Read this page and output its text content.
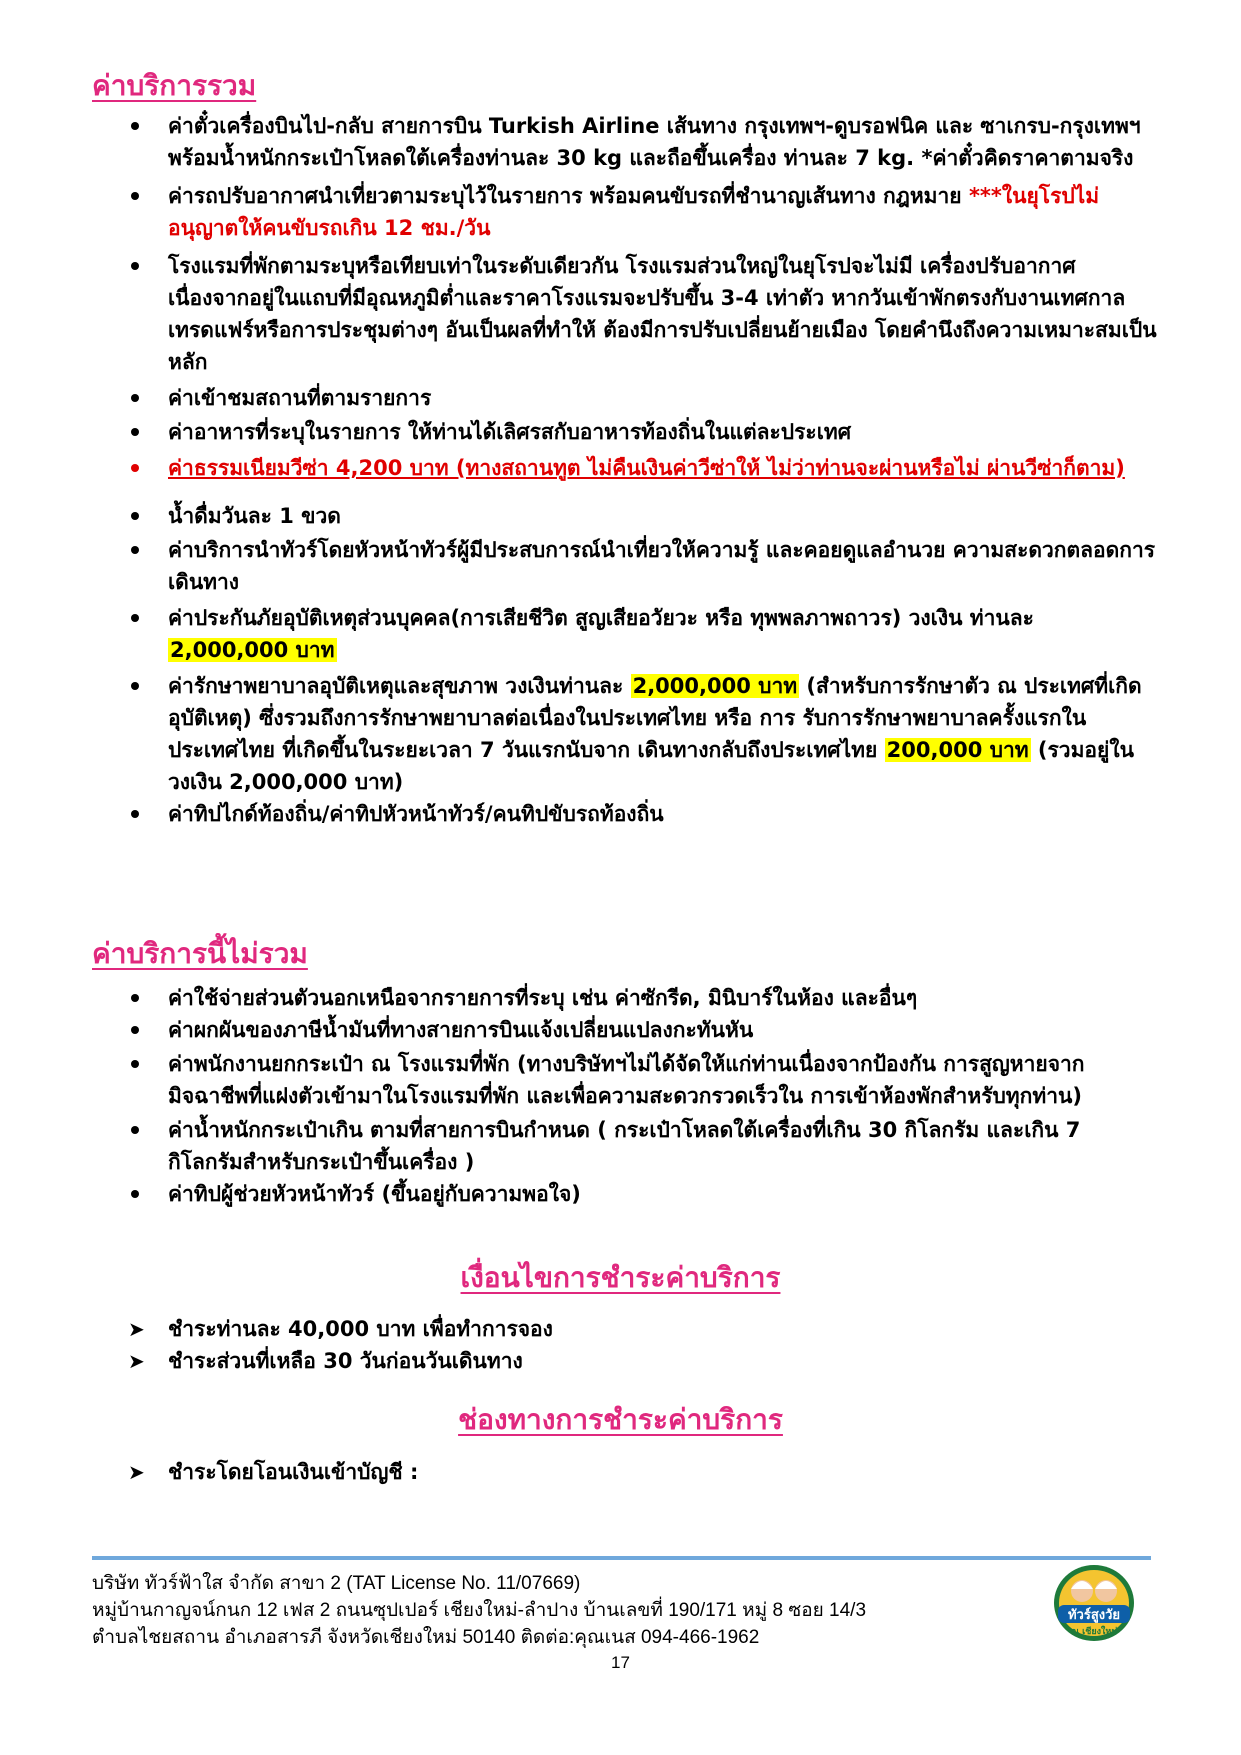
ค่าบริการรวม
ค่าตั๋วเครื่องบินไป-กลับ สายการบิน Turkish Airline เส้นทาง กรุงเทพฯ-ดูบรอฟนิค และ ซาเกรบ-กรุงเทพฯ พร้อมน้ำหนักกระเป๋าโหลดใต้เครื่องท่านละ 30 kg และถือขึ้นเครื่อง ท่านละ 7 kg. *ค่าตั๋วคิดราคาตามจริง
ค่ารถปรับอากาศนำเที่ยวตามระบุไว้ในรายการ พร้อมคนขับรถที่ชำนาญเส้นทาง กฎหมาย ***ในยุโรปไม่อนุญาตให้คนขับรถเกิน 12 ชม./วัน
โรงแรมที่พักตามระบุหรือเทียบเท่าในระดับเดียวกัน โรงแรมส่วนใหญ่ในยุโรปจะไม่มี เครื่องปรับอากาศ เนื่องจากอยู่ในแถบที่มีอุณหภูมิต่ำและราคาโรงแรมจะปรับขึ้น 3-4 เท่าตัว หากวันเข้าพักตรงกับงานเทศกาลเทรดแฟร์หรือการประชุมต่างๆ อันเป็นผลที่ทำให้ ต้องมีการปรับเปลี่ยนย้ายเมือง โดยคำนึงถึงความเหมาะสมเป็นหลัก
ค่าเข้าชมสถานที่ตามรายการ
ค่าอาหารที่ระบุในรายการ ให้ท่านได้เลิศรสกับอาหารท้องถิ่นในแต่ละประเทศ
ค่าธรรมเนียมวีซ่า 4,200 บาท (ทางสถานทูต ไม่คืนเงินค่าวีซ่าให้ ไม่ว่าท่านจะผ่านหรือไม่ ผ่านวีซ่าก็ตาม)
น้ำดื่มวันละ 1 ขวด
ค่าบริการนำทัวร์โดยหัวหน้าทัวร์ผู้มีประสบการณ์นำเที่ยวให้ความรู้ และคอยดูแลอำนวย ความสะดวกตลอดการเดินทาง
ค่าประกันภัยอุบัติเหตุส่วนบุคคล(การเสียชีวิต สูญเสียอวัยวะ หรือ ทุพพลภาพถาวร) วงเงิน ท่านละ 2,000,000 บาท
ค่ารักษาพยาบาลอุบัติเหตุและสุขภาพ วงเงินท่านละ 2,000,000 บาท (สำหรับการรักษาตัว ณ ประเทศที่เกิดอุบัติเหตุ) ซึ่งรวมถึงการรักษาพยาบาลต่อเนื่องในประเทศไทย หรือ การ รับการรักษาพยาบาลครั้งแรกในประเทศไทย ที่เกิดขึ้นในระยะเวลา 7 วันแรกนับจาก เดินทางกลับถึงประเทศไทย 200,000 บาท (รวมอยู่ในวงเงิน 2,000,000 บาท)
ค่าทิปไกด์ท้องถิ่น/ค่าทิปหัวหน้าทัวร์/คนทิปขับรถท้องถิ่น
ค่าบริการนี้ไม่รวม
ค่าใช้จ่ายส่วนตัวนอกเหนือจากรายการที่ระบุ เช่น ค่าซักรีด, มินิบาร์ในห้อง และอื่นๆ
ค่าผกผันของภาษีน้ำมันที่ทางสายการบินแจ้งเปลี่ยนแปลงกะทันหัน
ค่าพนักงานยกกระเป๋า ณ โรงแรมที่พัก (ทางบริษัทฯไม่ได้จัดให้แก่ท่านเนื่องจากป้องกัน การสูญหายจากมิจฉาชีพที่แฝงตัวเข้ามาในโรงแรมที่พัก และเพื่อความสะดวกรวดเร็วใน การเข้าห้องพักสำหรับทุกท่าน)
ค่าน้ำหนักกระเป๋าเกิน ตามที่สายการบินกำหนด ( กระเป๋าโหลดใต้เครื่องที่เกิน 30 กิโลกรัม และเกิน 7 กิโลกรัมสำหรับกระเป๋าขึ้นเครื่อง )
ค่าทิปผู้ช่วยหัวหน้าทัวร์ (ขึ้นอยู่กับความพอใจ)
เงื่อนไขการชำระค่าบริการ
➤ ชำระท่านละ 40,000 บาท เพื่อทำการจอง
➤ ชำระส่วนที่เหลือ 30 วันก่อนวันเดินทาง
ช่องทางการชำระค่าบริการ
➤ ชำระโดยโอนเงินเข้าบัญชี :
บริษัท ทัวร์ฟ้าใส จำกัด สาขา 2 (TAT License No. 11/07669)
หมู่บ้านกาญจน์กนก 12 เฟส 2 ถนนซุปเปอร์ เชียงใหม่-ลำปาง บ้านเลขที่ 190/171 หมู่ 8 ซอย 14/3
ตำบลไชยสถาน อำเภอสารภี จังหวัดเชียงใหม่ 50140 ติดต่อ:คุณเนส 094-466-1962
17
ทัวร์สูงวัย
ณ เชียงใหม่
